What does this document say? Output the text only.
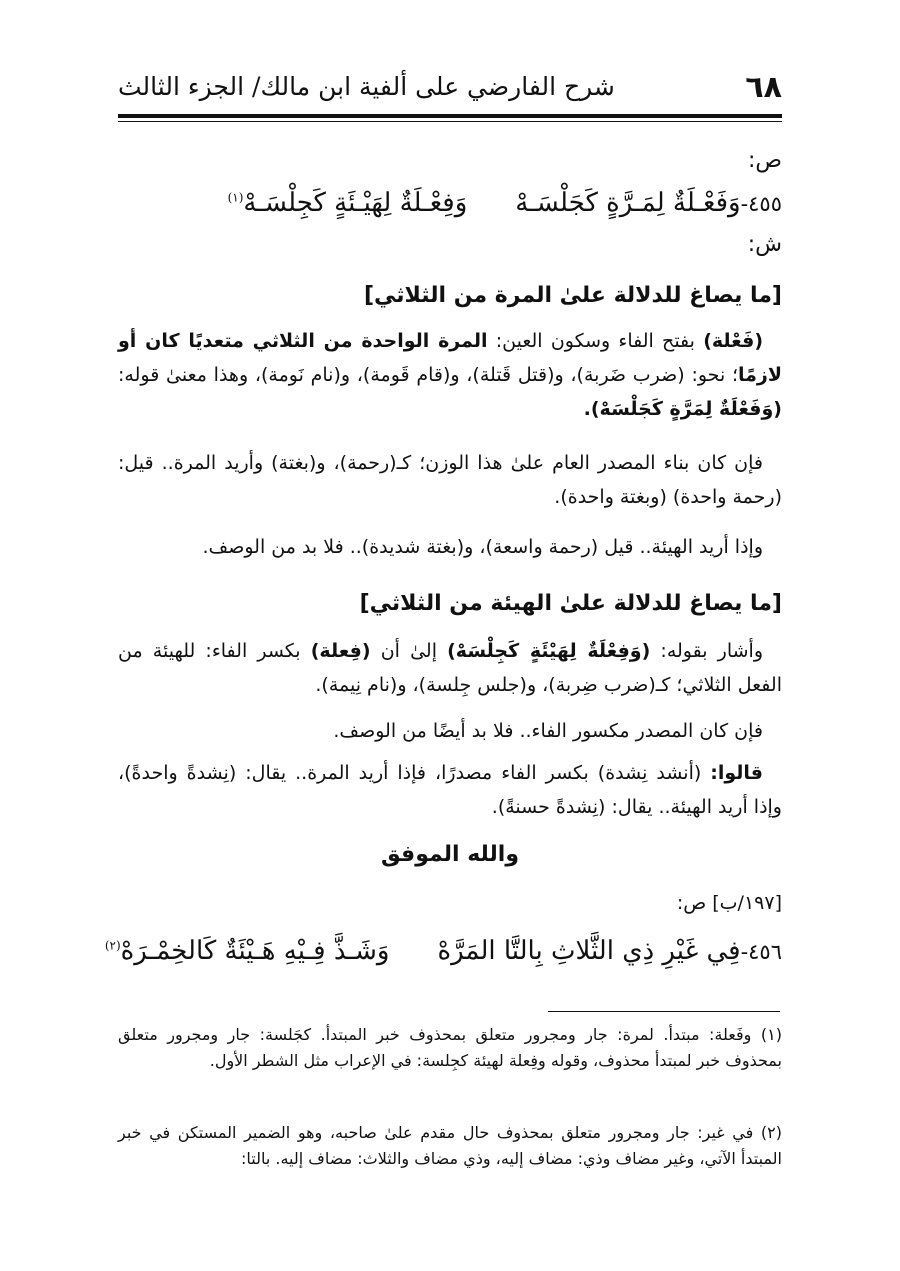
٦٨
شرح الفارضي على ألفية ابن مالك/ الجزء الثالث
ص:
٤٥٥-وَفَعْـلَةٌ لِمَـرَّةٍ كَجَلْسَـهْوَفِعْـلَةٌ لِهَيْـئَةٍ كَجِلْسَـهْ$^{(١)}$
ش:
[ما يصاغ للدلالة علىٰ المرة من الثلاثي]
 (فَعْلة) بفتح الفاء وسكون العين: المرة الواحدة من الثلاثي متعديًا كان أو لازمًا؛ نحو: (ضرب ضَربة)، و(قتل قَتلة)، و(قام قَومة)، و(نام نَومة)، وهذا معنىٰ قوله: (وَفَعْلَةٌ لِمَرَّةٍ كَجَلْسَهْ).
 فإن كان بناء المصدر العام علىٰ هذا الوزن؛ كـ(رحمة)، و(بغتة) وأريد المرة.. قيل: (رحمة واحدة) (وبغتة واحدة).
 وإذا أريد الهيئة.. قيل (رحمة واسعة)، و(بغتة شديدة).. فلا بد من الوصف.
[ما يصاغ للدلالة علىٰ الهيئة من الثلاثي]
 وأشار بقوله: (وَفِعْلَةٌ لِهَيْئَةٍ كَجِلْسَهْ) إلىٰ أن (فِعلة) بكسر الفاء: للهيئة من الفعل الثلاثي؛ كـ(ضرب ضِربة)، و(جلس جِلسة)، و(نام نِيمة).
 فإن كان المصدر مكسور الفاء.. فلا بد أيضًا من الوصف.
 قالوا: (أنشد نِشدة) بكسر الفاء مصدرًا، فإذا أريد المرة.. يقال: (نِشدةً واحدةً)، وإذا أريد الهيئة.. يقال: (نِشدةً حسنةً).
والله الموفق
[١٩٧/ب] ص:
٤٥٦-فِي غَيْرِ ذِي الثَّلاثِ بِالتَّا المَرَّهْوَشَـذَّ فِـيْهِ هَـيْئَةٌ كَالخِمْـرَهْ$^{(٢)}$
(١) وفَعلة: مبتدأ. لمرة: جار ومجرور متعلق بمحذوف خبر المبتدأ. كجَلسة: جار ومجرور متعلق بمحذوف خبر لمبتدأ محذوف، وقوله وفِعلة لهيئة كجِلسة: في الإعراب مثل الشطر الأول.
(٢) في غير: جار ومجرور متعلق بمحذوف حال مقدم علىٰ صاحبه، وهو الضمير المستكن في خبر المبتدأ الآتي، وغير مضاف وذي: مضاف إليه، وذي مضاف والثلاث: مضاف إليه. بالتا:
